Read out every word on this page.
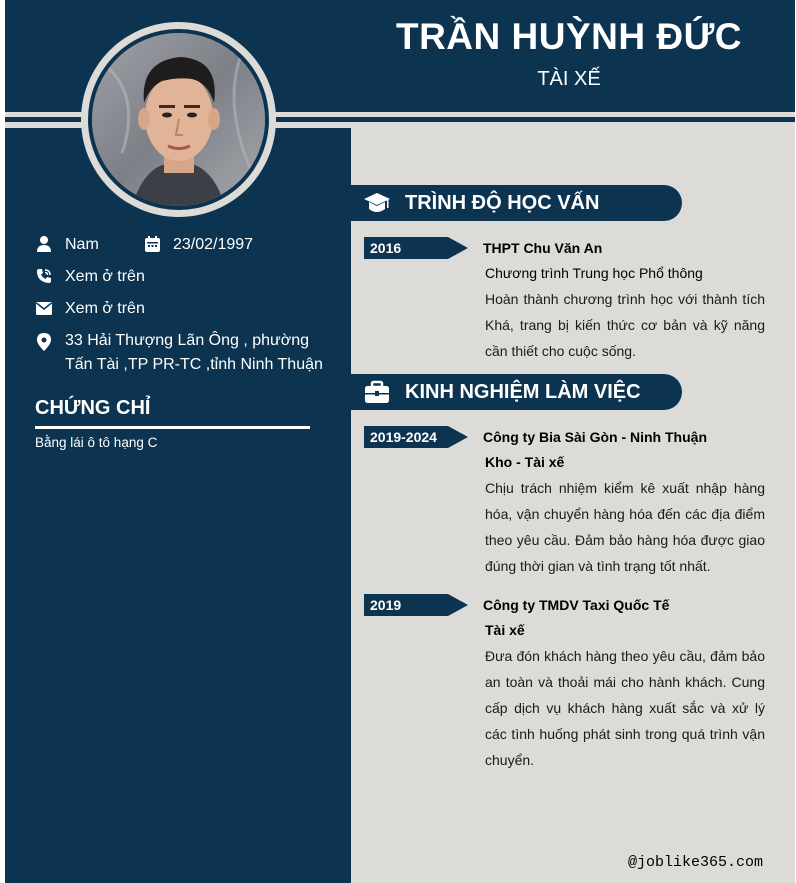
TRẦN HUỲNH ĐỨC
TÀI XẾ
Nam	23/02/1997
Xem ở trên
Xem ở trên
33 Hải Thượng Lãn Ông , phường Tấn Tài ,TP PR-TC ,tỉnh Ninh Thuận
CHỨNG CHỈ
Bằng lái ô tô hạng C
TRÌNH ĐỘ HỌC VẤN
2016	THPT Chu Văn An
Chương trình Trung học Phổ thông
Hoàn thành chương trình học với thành tích Khá, trang bị kiến thức cơ bản và kỹ năng cần thiết cho cuộc sống.
KINH NGHIỆM LÀM VIỆC
2019-2024	Công ty Bia Sài Gòn - Ninh Thuận
Kho - Tài xế
Chịu trách nhiệm kiểm kê xuất nhập hàng hóa, vận chuyển hàng hóa đến các địa điểm theo yêu cầu. Đảm bảo hàng hóa được giao đúng thời gian và tình trạng tốt nhất.
2019	Công ty TMDV Taxi Quốc Tế
Tài xế
Đưa đón khách hàng theo yêu cầu, đảm bảo an toàn và thoải mái cho hành khách. Cung cấp dịch vụ khách hàng xuất sắc và xử lý các tình huống phát sinh trong quá trình vận chuyển.
@joblike365.com
